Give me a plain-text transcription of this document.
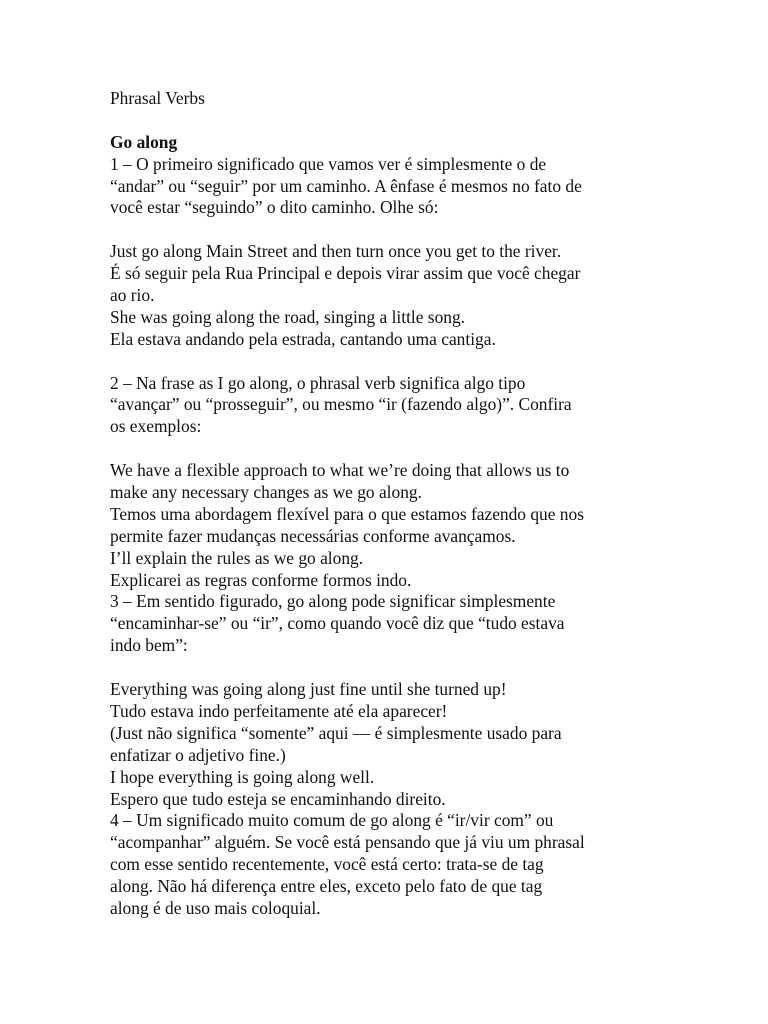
Phrasal Verbs
Go along
1 – O primeiro significado que vamos ver é simplesmente o de
“andar” ou “seguir” por um caminho. A ênfase é mesmos no fato de
você estar “seguindo” o dito caminho. Olhe só:
Just go along Main Street and then turn once you get to the river.
É só seguir pela Rua Principal e depois virar assim que você chegar
ao rio.
She was going along the road, singing a little song.
Ela estava andando pela estrada, cantando uma cantiga.
2 – Na frase as I go along, o phrasal verb significa algo tipo
“avançar” ou “prosseguir”, ou mesmo “ir (fazendo algo)”. Confira
os exemplos:
We have a flexible approach to what we’re doing that allows us to
make any necessary changes as we go along.
Temos uma abordagem flexível para o que estamos fazendo que nos
permite fazer mudanças necessárias conforme avançamos.
I’ll explain the rules as we go along.
Explicarei as regras conforme formos indo.
3 – Em sentido figurado, go along pode significar simplesmente
“encaminhar-se” ou “ir”, como quando você diz que “tudo estava
indo bem”:
Everything was going along just fine until she turned up!
Tudo estava indo perfeitamente até ela aparecer!
(Just não significa “somente” aqui — é simplesmente usado para
enfatizar o adjetivo fine.)
I hope everything is going along well.
Espero que tudo esteja se encaminhando direito.
4 – Um significado muito comum de go along é “ir/vir com” ou
“acompanhar” alguém. Se você está pensando que já viu um phrasal
com esse sentido recentemente, você está certo: trata-se de tag
along. Não há diferença entre eles, exceto pelo fato de que tag
along é de uso mais coloquial.
